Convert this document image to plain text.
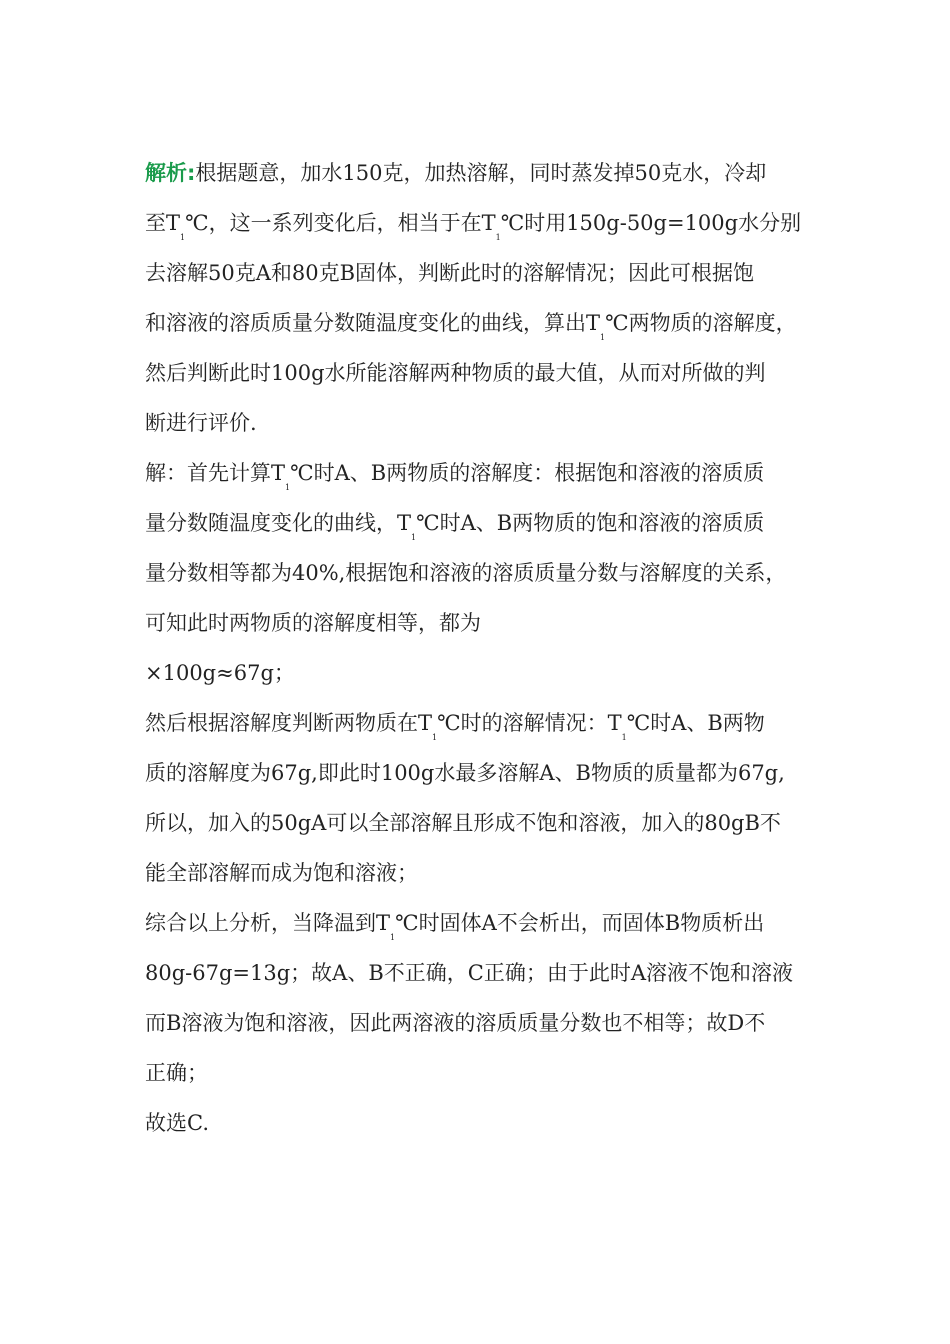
解析:根据题意，加水150克，加热溶解，同时蒸发掉50克水，冷却
至$T_1℃$，这一系列变化后，相当于在$T_1℃$时用150g-50g=100g水分别
去溶解50克A和80克B固体，判断此时的溶解情况；因此可根据饱
和溶液的溶质质量分数随温度变化的曲线，算出$T_1℃$两物质的溶解度，
然后判断此时100g水所能溶解两种物质的最大值，从而对所做的判
断进行评价.

解：首先计算$T_1℃$时A、B两物质的溶解度：根据饱和溶液的溶质质
量分数随温度变化的曲线，$T_1℃$时A、B两物质的饱和溶液的溶质质
量分数相等都为40%,根据饱和溶液的溶质质量分数与溶解度的关系，
可知此时两物质的溶解度相等，都为

×100g≈67g；

然后根据溶解度判断两物质在$T_1℃$时的溶解情况：$T_1℃$时A、B两物
质的溶解度为67g,即此时100g水最多溶解A、B物质的质量都为67g,
所以，加入的50gA可以全部溶解且形成不饱和溶液，加入的80gB不
能全部溶解而成为饱和溶液；

综合以上分析，当降温到$T_1℃$时固体A不会析出，而固体B物质析出
80g-67g=13g；故A、B不正确，C正确；由于此时A溶液不饱和溶液
而B溶液为饱和溶液，因此两溶液的溶质质量分数也不相等；故D不
正确；

故选C.
